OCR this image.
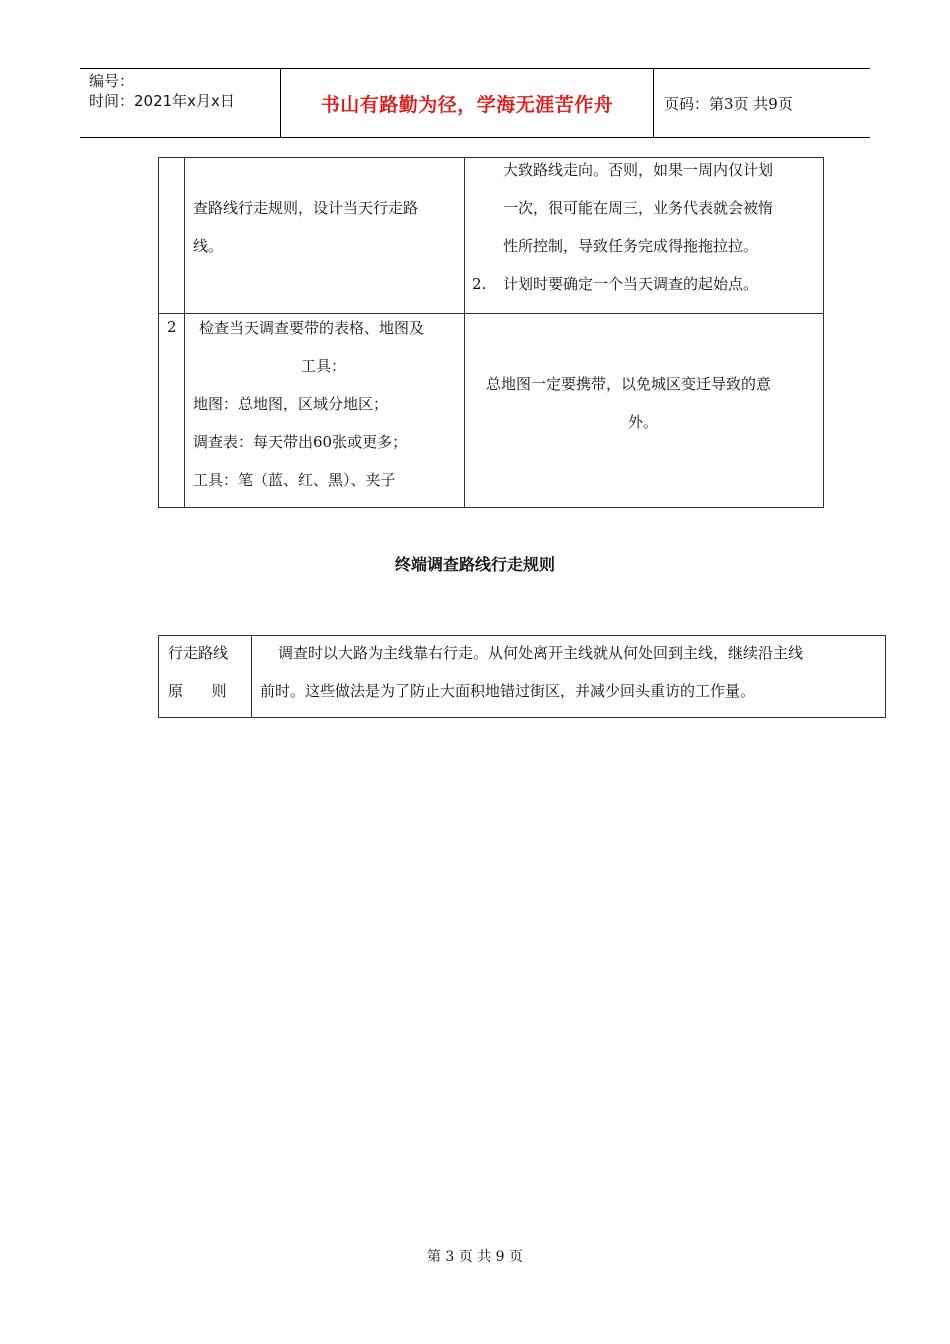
编号：
时间：2021年x月x日	书山有路勤为径，学海无涯苦作舟	页码：第3页 共9页
查路线行走规则，设计当天行走路
线。
大致路线走向。否则，如果一周内仅计划
一次，很可能在周三，业务代表就会被惰
性所控制，导致任务完成得拖拖拉拉。
2. 计划时要确定一个当天调查的起始点。
2 检查当天调查要带的表格、地图及
工具：
地图：总地图，区域分地区；
调查表：每天带出60张或更多；
工具：笔（蓝、红、黑）、夹子
总地图一定要携带，以免城区变迁导致的意
外。
终端调查路线行走规则
行走路线
原      则
调查时以大路为主线靠右行走。从何处离开主线就从何处回到主线，继续沿主线
前时。这些做法是为了防止大面积地错过街区，并减少回头重访的工作量。
第 3 页 共 9 页
